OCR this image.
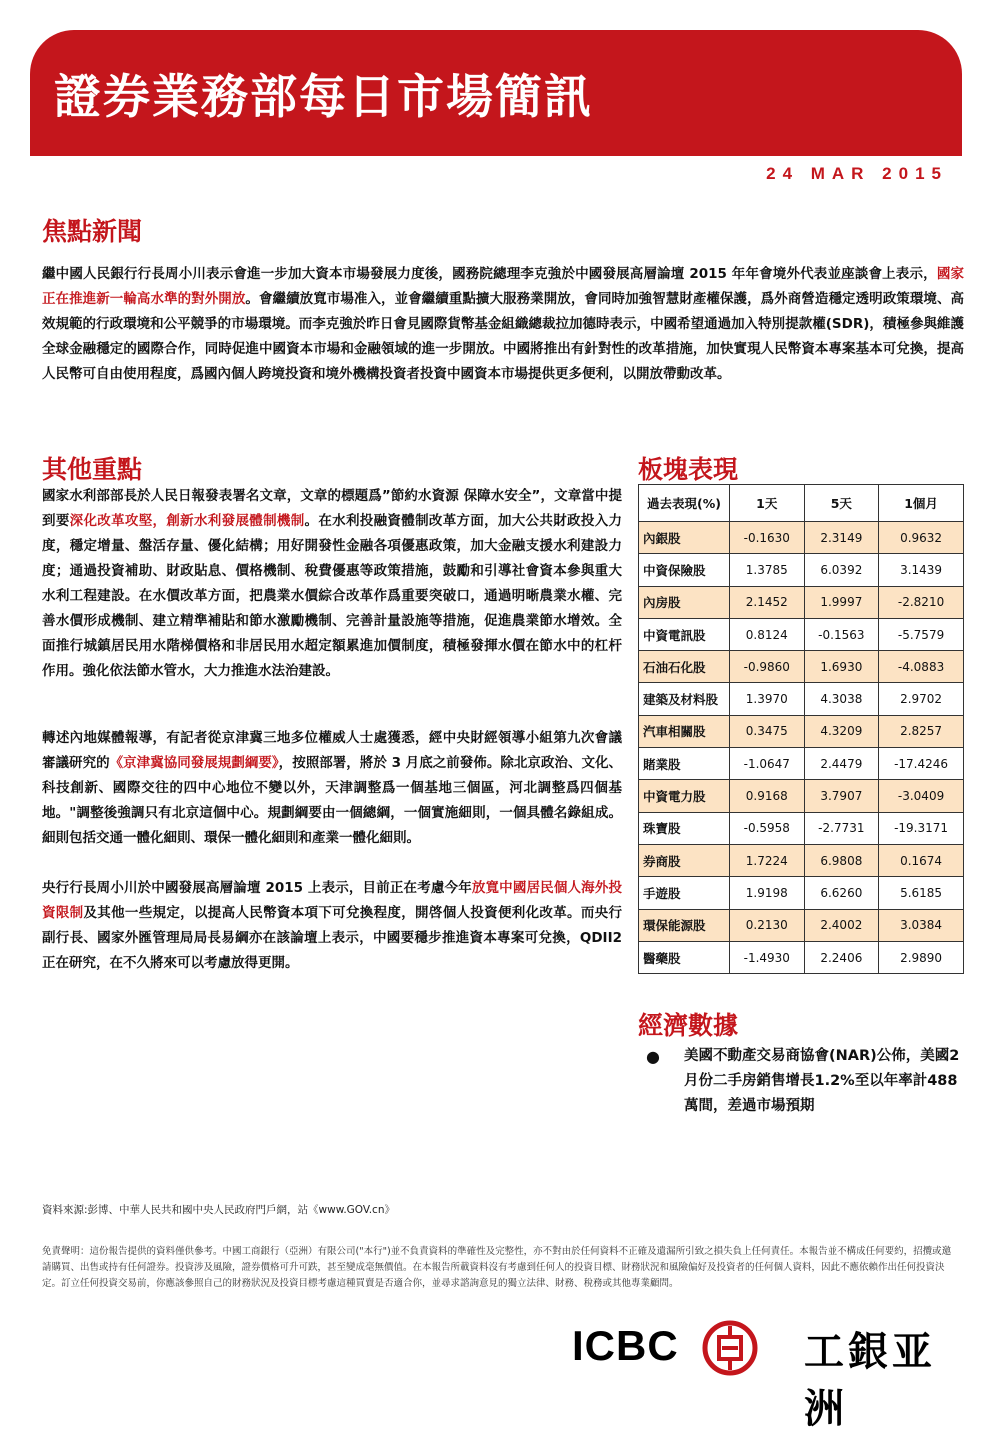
證券業務部每日市場簡訊
24 MAR 2015
焦點新聞
繼中國人民銀行行長周小川表示會進一步加大資本市場發展力度後，國務院總理李克強於中國發展高層論壇 2015 年年會境外代表並座談會上表示，國家正在推進新一輪高水準的對外開放。會繼續放寬市場准入，並會繼續重點擴大服務業開放，會同時加強智慧財產權保護，爲外商營造穩定透明政策環境、高效規範的行政環境和公平競爭的市場環境。而李克強於昨日會見國際貨幣基金組織總裁拉加德時表示，中國希望通過加入特別提款權(SDR)，積極參與維護全球金融穩定的國際合作，同時促進中國資本市場和金融領域的進一步開放。中國將推出有針對性的改革措施，加快實現人民幣資本專案基本可兌換，提高人民幣可自由使用程度，爲國內個人跨境投資和境外機構投資者投資中國資本市場提供更多便利，以開放帶動改革。
其他重點
國家水利部部長於人民日報發表署名文章，文章的標題爲”節約水資源 保障水安全”，文章當中提到要深化改革攻堅，創新水利發展體制機制。在水利投融資體制改革方面，加大公共財政投入力度，穩定增量、盤活存量、優化結構；用好開發性金融各項優惠政策，加大金融支援水利建設力度；通過投資補助、財政貼息、價格機制、稅費優惠等政策措施，鼓勵和引導社會資本參與重大水利工程建設。在水價改革方面，把農業水價綜合改革作爲重要突破口，通過明晰農業水權、完善水價形成機制、建立精準補貼和節水激勵機制、完善計量設施等措施，促進農業節水增效。全面推行城鎮居民用水階梯價格和非居民用水超定額累進加價制度，積極發揮水價在節水中的杠杆作用。強化依法節水管水，大力推進水法治建設。
轉述內地媒體報導，有記者從京津冀三地多位權威人士處獲悉，經中央財經領導小組第九次會議審議研究的《京津冀協同發展規劃綱要》，按照部署，將於 3 月底之前發佈。除北京政治、文化、科技創新、國際交往的四中心地位不變以外，天津調整爲一個基地三個區，河北調整爲四個基地。"調整後強調只有北京這個中心。規劃綱要由一個總綱，一個實施細則，一個具體名錄組成。細則包括交通一體化細則、環保一體化細則和產業一體化細則。
央行行長周小川於中國發展高層論壇 2015 上表示，目前正在考慮今年放寬中國居民個人海外投資限制及其他一些規定，以提高人民幣資本項下可兌換程度，開啓個人投資便利化改革。而央行副行長、國家外匯管理局局長易綱亦在該論壇上表示，中國要穩步推進資本專案可兌換，QDII2 正在研究，在不久將來可以考慮放得更開。
板塊表現
過去表現(%)	1天	5天	1個月
內銀股	-0.1630	2.3149	0.9632
中資保險股	1.3785	6.0392	3.1439
內房股	2.1452	1.9997	-2.8210
中資電訊股	0.8124	-0.1563	-5.7579
石油石化股	-0.9860	1.6930	-4.0883
建築及材料股	1.3970	4.3038	2.9702
汽車相關股	0.3475	4.3209	2.8257
賭業股	-1.0647	2.4479	-17.4246
中資電力股	0.9168	3.7907	-3.0409
珠寶股	-0.5958	-2.7731	-19.3171
券商股	1.7224	6.9808	0.1674
手遊股	1.9198	6.6260	5.6185
環保能源股	0.2130	2.4002	3.0384
醫藥股	-1.4930	2.2406	2.9890
經濟數據
● 美國不動產交易商協會(NAR)公佈，美國2月份二手房銷售增長1.2%至以年率計488萬間，差過市場預期
資料來源:彭博、中華人民共和國中央人民政府門戶網，站《www.GOV.cn》
免責聲明：這份報告提供的資料僅供參考。中國工商銀行（亞洲）有限公司("本行")並不負責資料的準確性及完整性，亦不對由於任何資料不正確及遺漏所引致之損失負上任何責任。本報告並不構成任何要約，招攬或邀請購買、出售或持有任何證券。投資涉及風險，證券價格可升可跌，甚至變成毫無價值。在本報告所載資料沒有考慮到任何人的投資目標、財務狀況和風險偏好及投資者的任何個人資料，因此不應依賴作出任何投資決定。訂立任何投資交易前，你應該參照自己的財務狀況及投資目標考慮這種買賣是否適合你，並尋求諮詢意見的獨立法律、財務、稅務或其他專業顧問。
ICBC	工銀亚洲
